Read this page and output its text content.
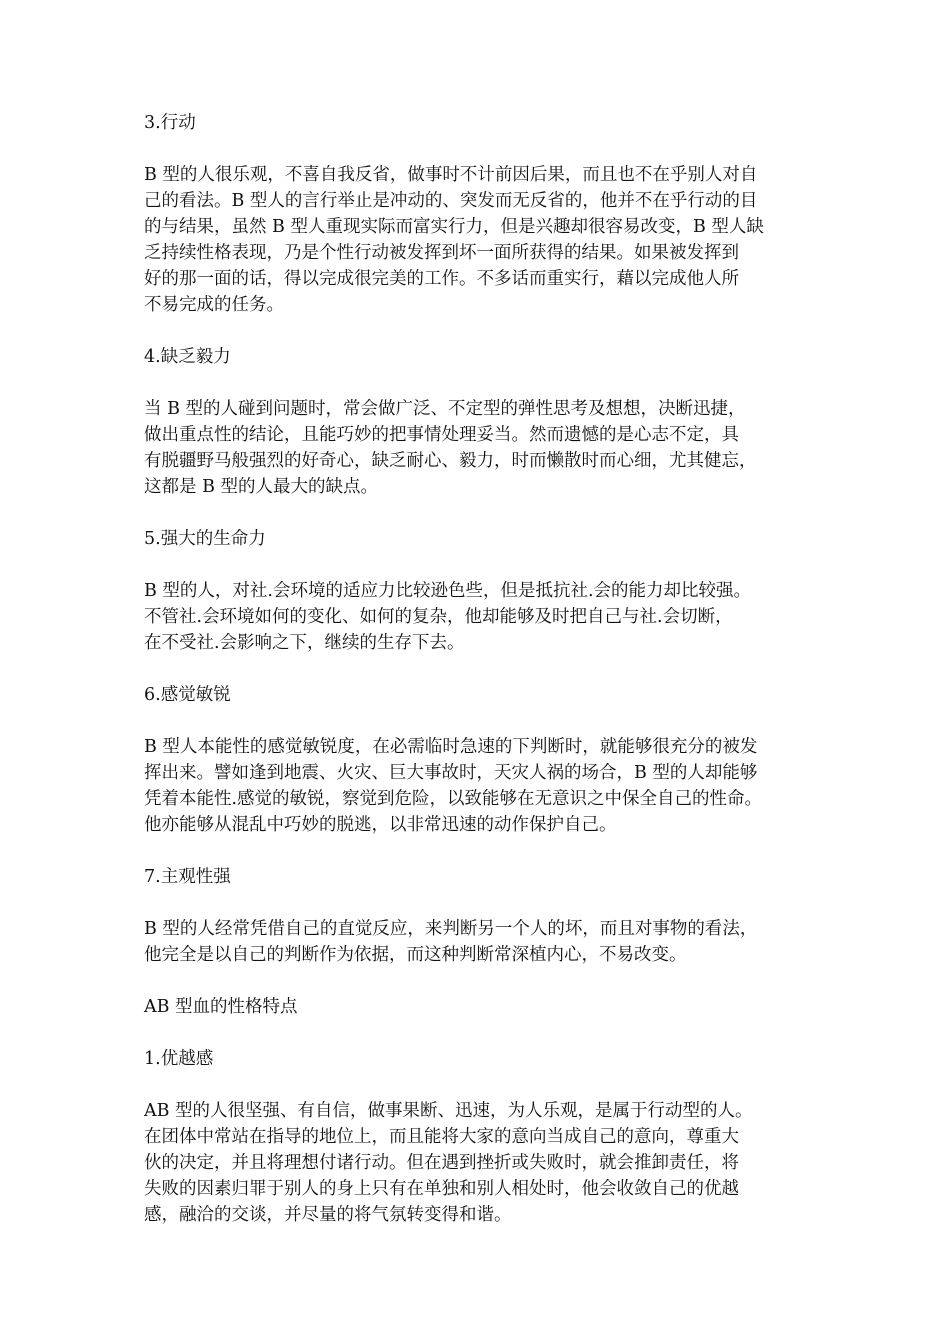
3.行动

B 型的人很乐观，不喜自我反省，做事时不计前因后果，而且也不在乎别人对自
己的看法。B 型人的言行举止是冲动的、突发而无反省的，他并不在乎行动的目
的与结果，虽然 B 型人重现实际而富实行力，但是兴趣却很容易改变，B 型人缺
乏持续性格表现，乃是个性行动被发挥到坏一面所获得的结果。如果被发挥到
好的那一面的话，得以完成很完美的工作。不多话而重实行，藉以完成他人所
不易完成的任务。

4.缺乏毅力

当 B 型的人碰到问题时，常会做广泛、不定型的弹性思考及想想，决断迅捷，
做出重点性的结论，且能巧妙的把事情处理妥当。然而遗憾的是心志不定，具
有脱疆野马般强烈的好奇心，缺乏耐心、毅力，时而懒散时而心细，尤其健忘，
这都是 B 型的人最大的缺点。

5.强大的生命力

B 型的人，对社.会环境的适应力比较逊色些，但是抵抗社.会的能力却比较强。
不管社.会环境如何的变化、如何的复杂，他却能够及时把自己与社.会切断，
在不受社.会影响之下，继续的生存下去。

6.感觉敏锐

B 型人本能性的感觉敏锐度，在必需临时急速的下判断时，就能够很充分的被发
挥出来。譬如逢到地震、火灾、巨大事故时，天灾人祸的场合，B 型的人却能够
凭着本能性.感觉的敏锐，察觉到危险，以致能够在无意识之中保全自己的性命。
他亦能够从混乱中巧妙的脱逃，以非常迅速的动作保护自己。

7.主观性强

B 型的人经常凭借自己的直觉反应，来判断另一个人的坏，而且对事物的看法，
他完全是以自己的判断作为依据，而这种判断常深植内心，不易改变。

AB 型血的性格特点

1.优越感

AB 型的人很坚强、有自信，做事果断、迅速，为人乐观，是属于行动型的人。
在团体中常站在指导的地位上，而且能将大家的意向当成自己的意向，尊重大
伙的决定，并且将理想付诸行动。但在遇到挫折或失败时，就会推卸责任，将
失败的因素归罪于别人的身上只有在单独和别人相处时，他会收敛自己的优越
感，融洽的交谈，并尽量的将气氛转变得和谐。
